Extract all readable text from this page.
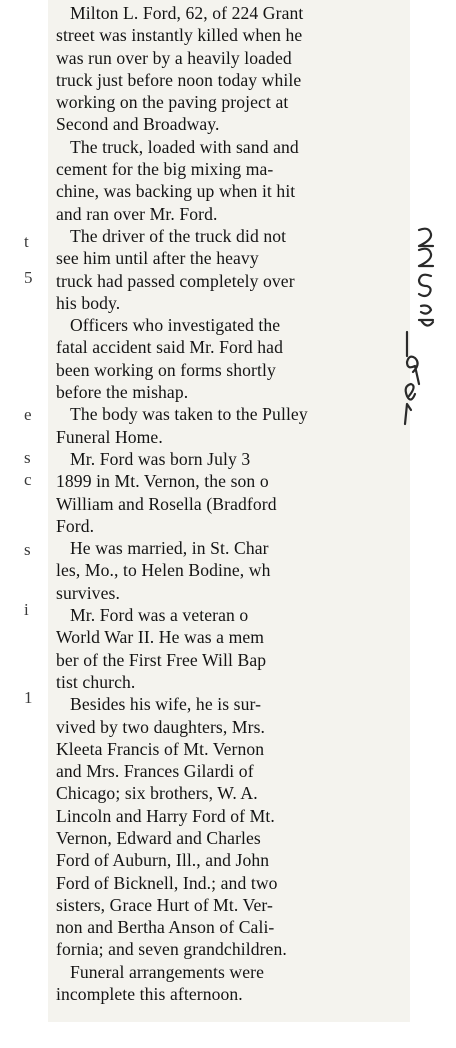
t
5
e
s
c
s
i
1
Milton L. Ford, 62, of 224 Grant
street was instantly killed when he
was run over by a heavily loaded
truck just before noon today while
working on the paving project at
Second and Broadway.
The truck, loaded with sand and
cement for the big mixing ma-
chine, was backing up when it hit
and ran over Mr. Ford.
The driver of the truck did not
see him until after the heavy
truck had passed completely over
his body.
Officers who investigated the
fatal accident said Mr. Ford had
been working on forms shortly
before the mishap.
The body was taken to the Pulley
Funeral Home.
Mr. Ford was born July 3
1899 in Mt. Vernon, the son o
William and Rosella (Bradford
Ford.
He was married, in St. Char
les, Mo., to Helen Bodine, wh
survives.
Mr. Ford was a veteran o
World War II. He was a mem
ber of the First Free Will Bap
tist church.
Besides his wife, he is sur-
vived by two daughters, Mrs.
Kleeta Francis of Mt. Vernon
and Mrs. Frances Gilardi of
Chicago; six brothers, W. A.
Lincoln and Harry Ford of Mt.
Vernon, Edward and Charles
Ford of Auburn, Ill., and John
Ford of Bicknell, Ind.; and two
sisters, Grace Hurt of Mt. Ver-
non and Bertha Anson of Cali-
fornia; and seven grandchildren.
Funeral arrangements were
incomplete this afternoon.
